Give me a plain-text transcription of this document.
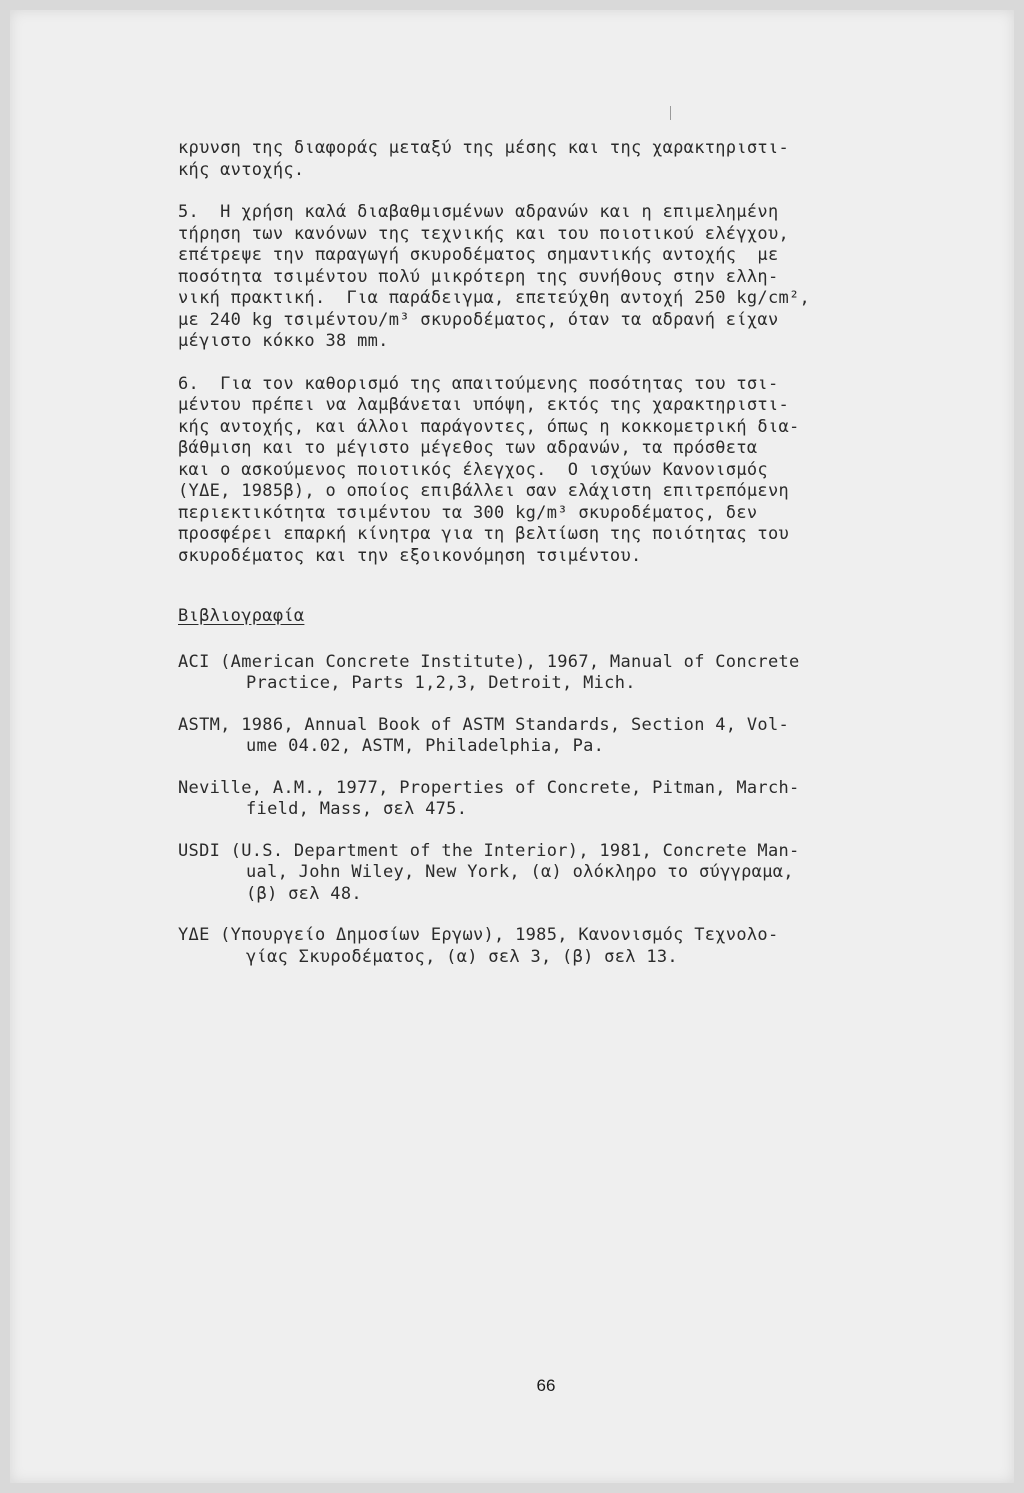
κρυνση της διαφοράς μεταξύ της μέσης και της χαρακτηριστι-
κής αντοχής.
5.  Η χρήση καλά διαβαθμισμένων αδρανών και η επιμελημένη
τήρηση των κανόνων της τεχνικής και του ποιοτικού ελέγχου,
επέτρεψε την παραγωγή σκυροδέματος σημαντικής αντοχής  με
ποσότητα τσιμέντου πολύ μικρότερη της συνήθους στην ελλη-
νική πρακτική.  Για παράδειγμα, επετεύχθη αντοχή 250 kg/cm²,
με 240 kg τσιμέντου/m³ σκυροδέματος, όταν τα αδρανή είχαν
μέγιστο κόκκο 38 mm.
6.  Για τον καθορισμό της απαιτούμενης ποσότητας του τσι-
μέντου πρέπει να λαμβάνεται υπόψη, εκτός της χαρακτηριστι-
κής αντοχής, και άλλοι παράγοντες, όπως η κοκκομετρική δια-
βάθμιση και το μέγιστο μέγεθος των αδρανών, τα πρόσθετα
και ο ασκούμενος ποιοτικός έλεγχος.  Ο ισχύων Κανονισμός
(ΥΔΕ, 1985β), ο οποίος επιβάλλει σαν ελάχιστη επιτρεπόμενη
περιεκτικότητα τσιμέντου τα 300 kg/m³ σκυροδέματος, δεν
προσφέρει επαρκή κίνητρα για τη βελτίωση της ποιότητας του
σκυροδέματος και την εξοικονόμηση τσιμέντου.
Βιβλιογραφία
ACI (American Concrete Institute), 1967, Manual of Concrete
Practice, Parts 1,2,3, Detroit, Mich.
ASTM, 1986, Annual Book of ASTM Standards, Section 4, Vol-
ume 04.02, ASTM, Philadelphia, Pa.
Neville, A.M., 1977, Properties of Concrete, Pitman, March-
field, Mass, σελ 475.
USDI (U.S. Department of the Interior), 1981, Concrete Man-
ual, John Wiley, New York, (α) ολόκληρο το σύγγραμα,
(β) σελ 48.
ΥΔΕ (Υπουργείο Δημοσίων Εργων), 1985, Κανονισμός Τεχνολο-
γίας Σκυροδέματος, (α) σελ 3, (β) σελ 13.
66
